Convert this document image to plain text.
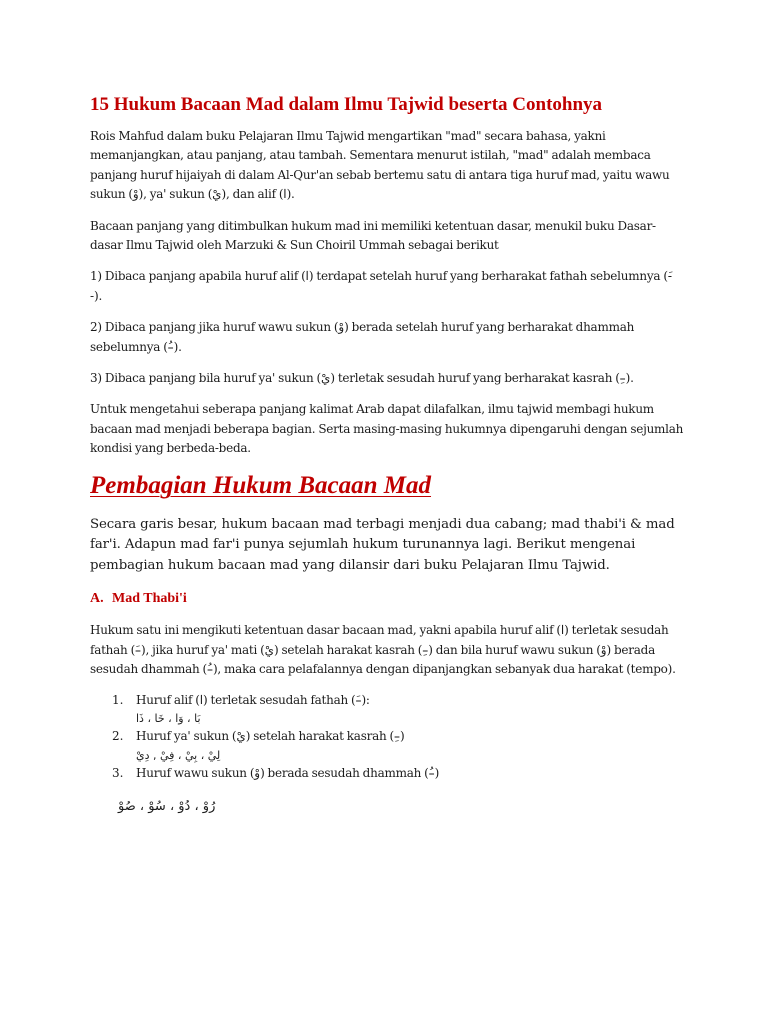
15 Hukum Bacaan Mad dalam Ilmu Tajwid beserta Contohnya

Rois Mahfud dalam buku Pelajaran Ilmu Tajwid mengartikan "mad" secara bahasa, yakni memanjangkan, atau panjang, atau tambah. Sementara menurut istilah, "mad" adalah membaca panjang huruf hijaiyah di dalam Al-Qur'an sebab bertemu satu di antara tiga huruf mad, yaitu wawu sukun (وْ), ya' sukun (يْ), dan alif (ا).

Bacaan panjang yang ditimbulkan hukum mad ini memiliki ketentuan dasar, menukil buku Dasar-dasar Ilmu Tajwid oleh Marzuki & Sun Choiril Ummah sebagai berikut

1) Dibaca panjang apabila huruf alif (ا) terdapat setelah huruf yang berharakat fathah sebelumnya (-َ -).

2) Dibaca panjang jika huruf wawu sukun (وْ) berada setelah huruf yang berharakat dhammah sebelumnya (–ُ).

3) Dibaca panjang bila huruf ya' sukun (يْ) terletak sesudah huruf yang berharakat kasrah (–ِ).

Untuk mengetahui seberapa panjang kalimat Arab dapat dilafalkan, ilmu tajwid membagi hukum bacaan mad menjadi beberapa bagian. Serta masing-masing hukumnya dipengaruhi dengan sejumlah kondisi yang berbeda-beda.

Pembagian Hukum Bacaan Mad

Secara garis besar, hukum bacaan mad terbagi menjadi dua cabang; mad thabi'i & mad far'i. Adapun mad far'i punya sejumlah hukum turunannya lagi. Berikut mengenai pembagian hukum bacaan mad yang dilansir dari buku Pelajaran Ilmu Tajwid.

A. Mad Thabi'i

Hukum satu ini mengikuti ketentuan dasar bacaan mad, yakni apabila huruf alif (ا) terletak sesudah fathah (–َ), jika huruf ya' mati (يْ) setelah harakat kasrah (–ِ) dan bila huruf wawu sukun (وْ) berada sesudah dhammah (–ُ), maka cara pelafalannya dengan dipanjangkan sebanyak dua harakat (tempo).

1. Huruf alif (ا) terletak sesudah fathah (–َ):

بَا ، وَا ، خَا ، ذَا
2. Huruf ya' sukun (يْ) setelah harakat kasrah (–ِ)

لِيْ ، بِيْ ، فِيْ , دِيْ
3. Huruf wawu sukun (وْ) berada sesudah dhammah (–ُ)

رُوْ ، دُوْ ، سُوْ ، صُوْ
